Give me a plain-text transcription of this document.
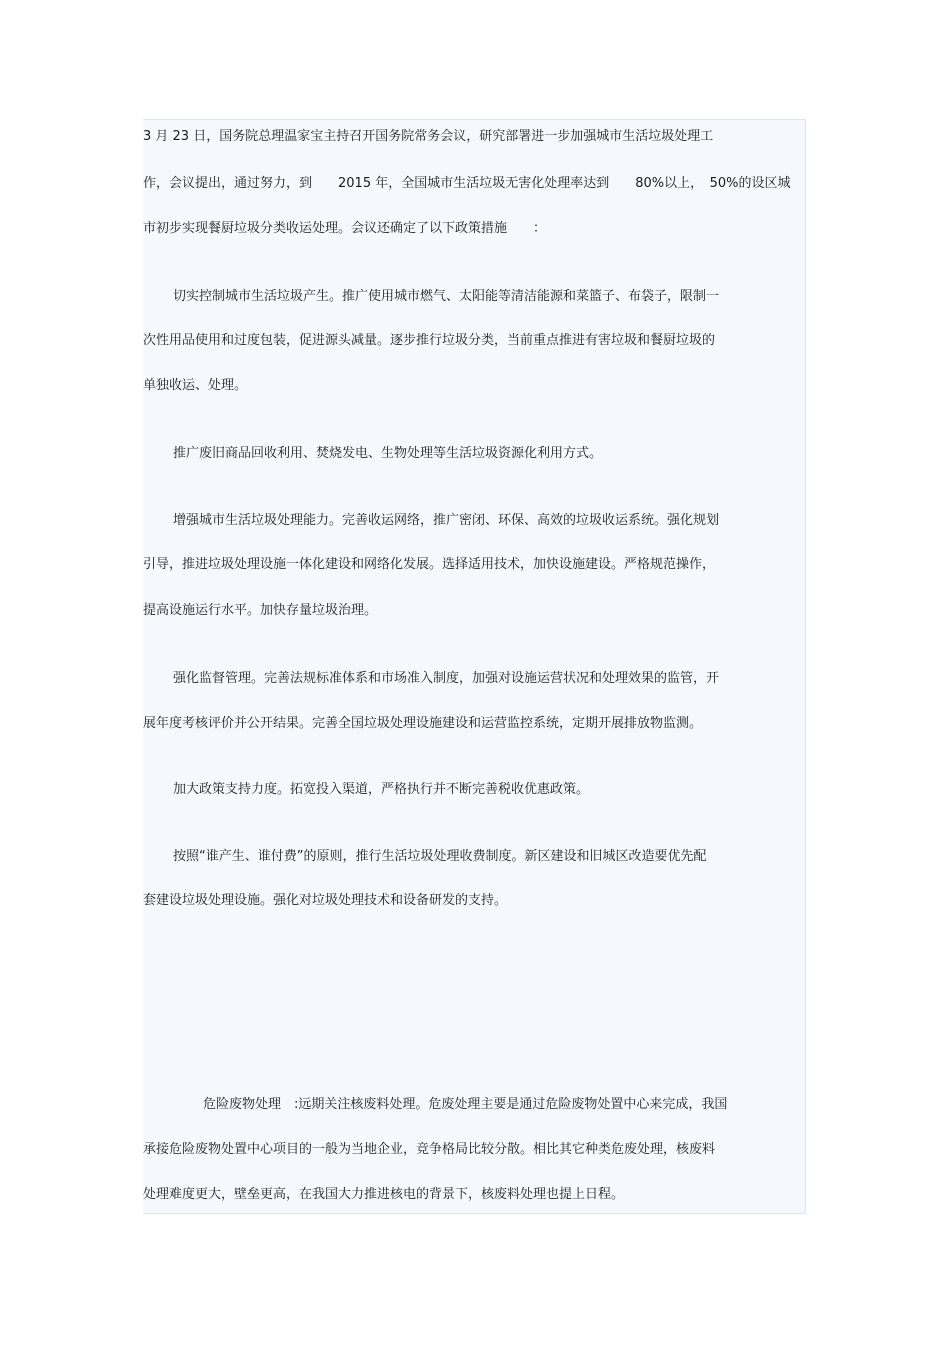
3 月 23 日，国务院总理温家宝主持召开国务院常务会议，研究部署进一步加强城市生活垃圾处理工

作，会议提出，通过努力，到　　2015 年，全国城市生活垃圾无害化处理率达到　　80%以上，　50%的设区城

市初步实现餐厨垃圾分类收运处理。会议还确定了以下政策措施　　：

切实控制城市生活垃圾产生。推广使用城市燃气、太阳能等清洁能源和菜篮子、布袋子，限制一

次性用品使用和过度包装，促进源头减量。逐步推行垃圾分类，当前重点推进有害垃圾和餐厨垃圾的

单独收运、处理。

推广废旧商品回收利用、焚烧发电、生物处理等生活垃圾资源化利用方式。

增强城市生活垃圾处理能力。完善收运网络，推广密闭、环保、高效的垃圾收运系统。强化规划

引导，推进垃圾处理设施一体化建设和网络化发展。选择适用技术，加快设施建设。严格规范操作，

提高设施运行水平。加快存量垃圾治理。

强化监督管理。完善法规标准体系和市场准入制度，加强对设施运营状况和处理效果的监管，开

展年度考核评价并公开结果。完善全国垃圾处理设施建设和运营监控系统，定期开展排放物监测。

加大政策支持力度。拓宽投入渠道，严格执行并不断完善税收优惠政策。

按照“谁产生、谁付费”的原则，推行生活垃圾处理收费制度。新区建设和旧城区改造要优先配

套建设垃圾处理设施。强化对垃圾处理技术和设备研发的支持。

危险废物处理　:远期关注核废料处理。危废处理主要是通过危险废物处置中心来完成，我国

承接危险废物处置中心项目的一般为当地企业，竞争格局比较分散。相比其它种类危废处理，核废料

处理难度更大，壁垒更高，在我国大力推进核电的背景下，核废料处理也提上日程。
